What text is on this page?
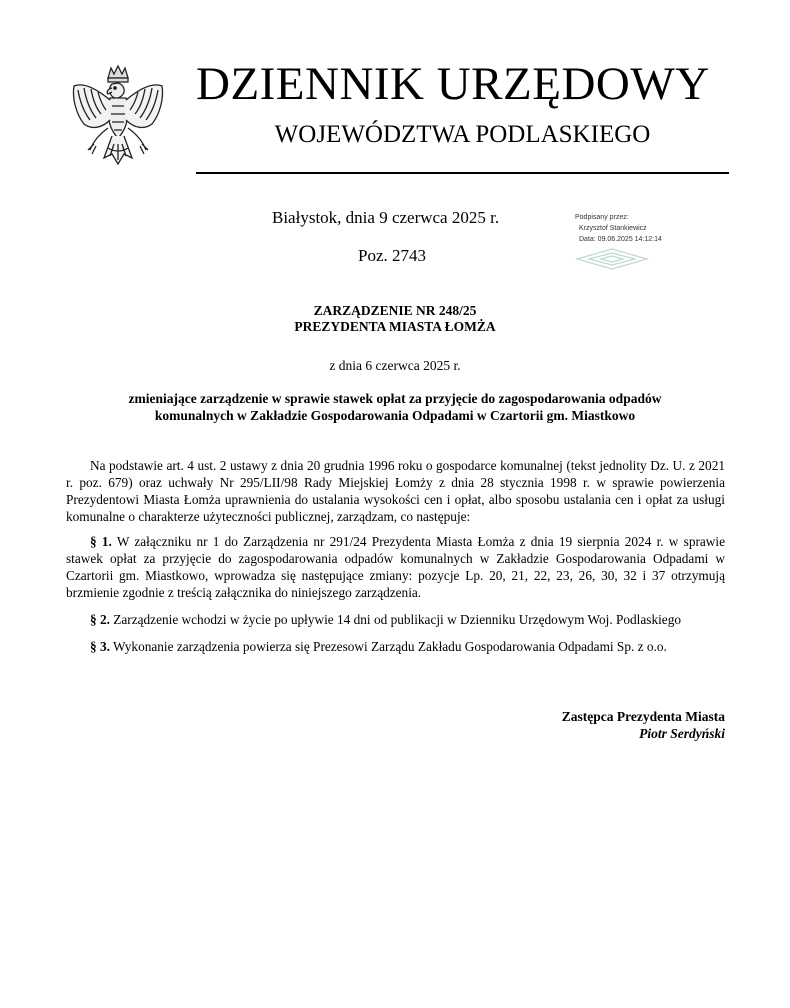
DZIENNIK URZĘDOWY
WOJEWÓDZTWA PODLASKIEGO
Białystok, dnia 9 czerwca 2025 r.
Poz. 2743
Podpisany przez:
Krzysztof Stankiewicz
Data: 09.06.2025 14:12:14
ZARZĄDZENIE NR 248/25
PREZYDENTA MIASTA ŁOMŻA
z dnia 6 czerwca 2025 r.
zmieniające zarządzenie w sprawie stawek opłat za przyjęcie do zagospodarowania odpadów
komunalnych w Zakładzie Gospodarowania Odpadami w Czartorii gm. Miastkowo

Na podstawie art. 4 ust. 2 ustawy z dnia 20 grudnia 1996 roku o gospodarce komunalnej (tekst jednolity Dz. U. z 2021 r. poz. 679) oraz uchwały Nr 295/LII/98 Rady Miejskiej Łomży z dnia 28 stycznia 1998 r. w sprawie powierzenia Prezydentowi Miasta Łomża uprawnienia do ustalania wysokości cen i opłat, albo sposobu ustalania cen i opłat za usługi komunalne o charakterze użyteczności publicznej, zarządzam, co następuje:

§ 1. W załączniku nr 1 do Zarządzenia nr 291/24 Prezydenta Miasta Łomża z dnia 19 sierpnia 2024 r. w sprawie stawek opłat za przyjęcie do zagospodarowania odpadów komunalnych w Zakładzie Gospodarowania Odpadami w Czartorii gm. Miastkowo, wprowadza się następujące zmiany: pozycje Lp. 20, 21, 22, 23, 26, 30, 32 i 37 otrzymują brzmienie zgodnie z treścią załącznika do niniejszego zarządzenia.

§ 2. Zarządzenie wchodzi w życie po upływie 14 dni od publikacji w Dzienniku Urzędowym Woj. Podlaskiego

§ 3. Wykonanie zarządzenia powierza się Prezesowi Zarządu Zakładu Gospodarowania Odpadami Sp. z o.o.

Zastępca Prezydenta Miasta
Piotr Serdyński
